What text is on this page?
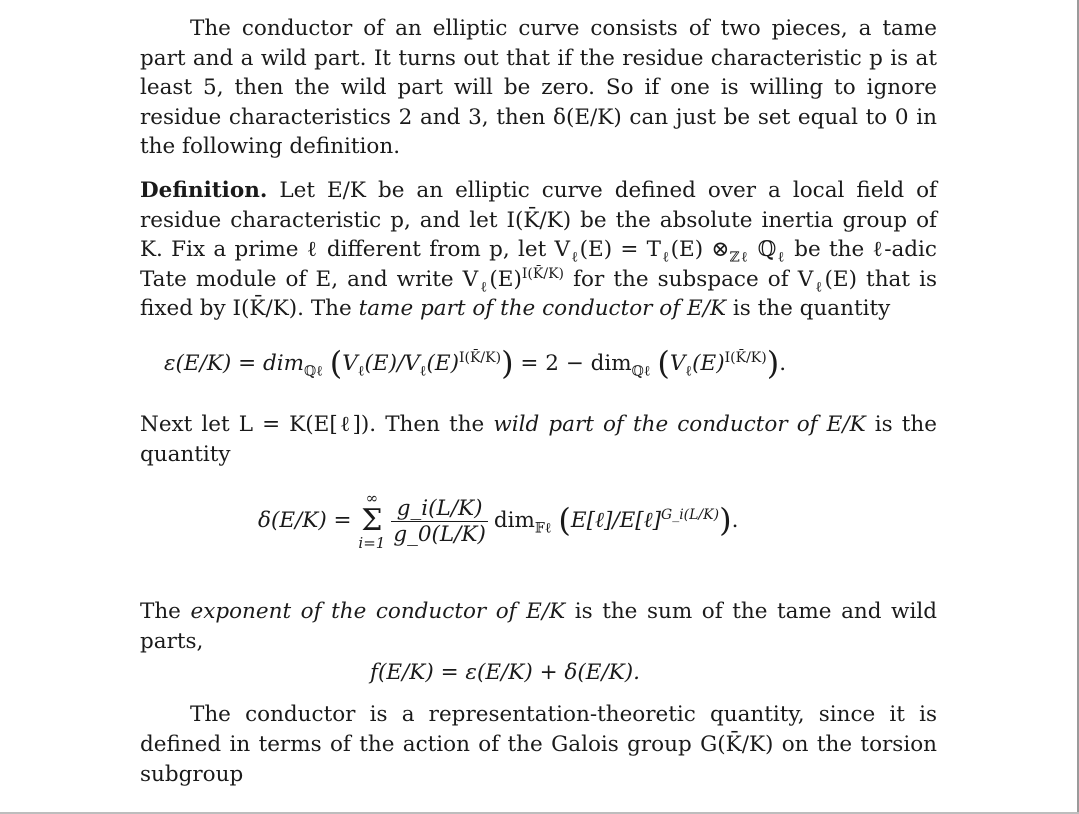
The conductor of an elliptic curve consists of two pieces, a tame part and a wild part. It turns out that if the residue characteristic p is at least 5, then the wild part will be zero. So if one is willing to ignore residue characteristics 2 and 3, then δ(E/K) can just be set equal to 0 in the following definition.

Definition. Let E/K be an elliptic curve defined over a local field of residue characteristic p, and let I(K̄/K) be the absolute inertia group of K. Fix a prime ℓ different from p, let $V_\ell(E) = T_\ell(E)$ $\otimes_{ℤ\ell}$ ℚ$_\ell$ be the ℓ-adic Tate module of E, and write $V_\ell(E)^{I(K̄/K)}$ for the subspace of $V_\ell(E)$ that is fixed by I(K̄/K). The tame part of the conductor of E/K is the quantity

ε(E/K) = dim$_{ℚ\ell}$ $(V_\ell(E)/V_\ell(E)^{I(K̄/K)}) = 2 - dim_{ℚ\ell}$ $(V_\ell(E)^{I(K̄/K)})$.

Next let L = K(E[ℓ]). Then the wild part of the conductor of E/K is the quantity

δ(E/K) =
∞
Σ
$i=1 \frac{g\_i(L/K)}{g\_0(L/K)} dim_{𝔽\ell}$ (E[ℓ]/E[ℓ]$^{G\_i(L/K)}$).

The exponent of the conductor of E/K is the sum of the tame and wild parts,

f(E/K) = ε(E/K) + δ(E/K).

The conductor is a representation-theoretic quantity, since it is defined in terms of the action of the Galois group G(K̄/K) on the torsion subgroup
